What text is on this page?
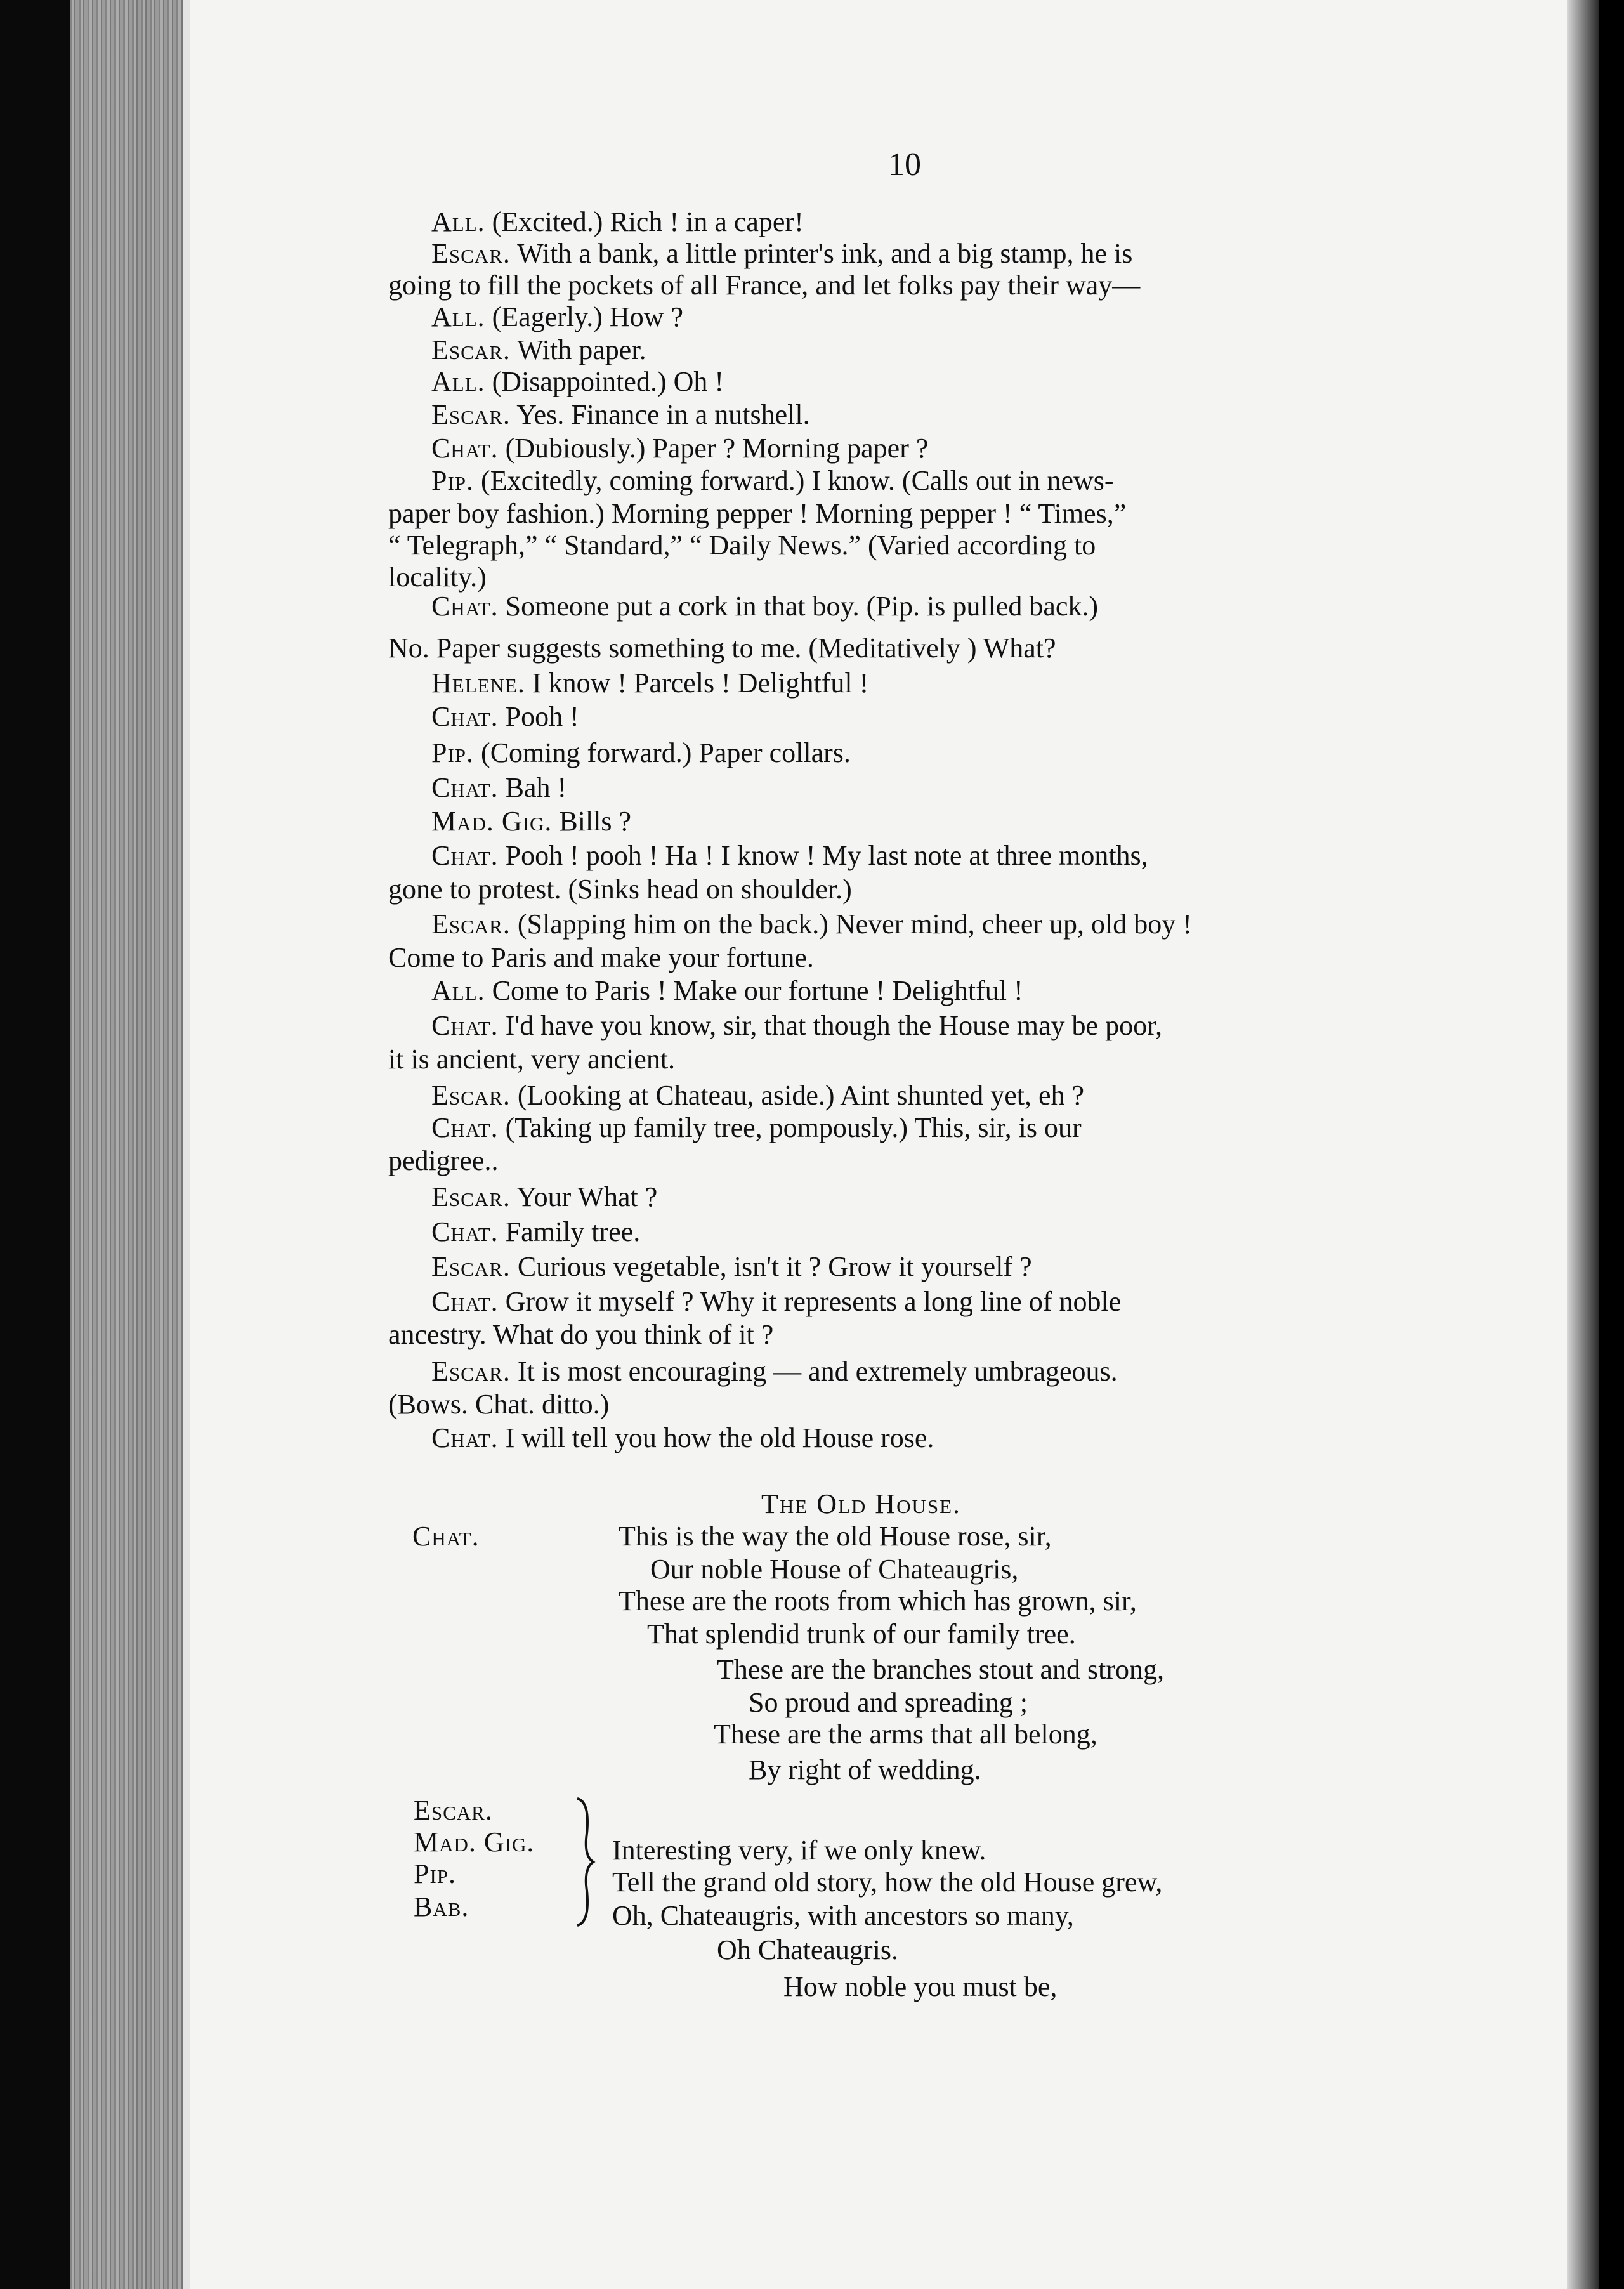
10
All. (Excited.) Rich ! in a caper!
Escar. With a bank, a little printer's ink, and a big stamp, he is
going to fill the pockets of all France, and let folks pay their way—
All. (Eagerly.) How ?
Escar. With paper.
All. (Disappointed.) Oh !
Escar. Yes. Finance in a nutshell.
Chat. (Dubiously.) Paper ? Morning paper ?
Pip. (Excitedly, coming forward.) I know. (Calls out in news-
paper boy fashion.) Morning pepper ! Morning pepper ! “ Times,”
“ Telegraph,” “ Standard,” “ Daily News.” (Varied according to
locality.)
Chat. Someone put a cork in that boy. (Pip. is pulled back.)
No. Paper suggests something to me. (Meditatively ) What?
Helene. I know ! Parcels ! Delightful !
Chat. Pooh !
Pip. (Coming forward.) Paper collars.
Chat. Bah !
Mad. Gig. Bills ?
Chat. Pooh ! pooh ! Ha ! I know ! My last note at three months,
gone to protest. (Sinks head on shoulder.)
Escar. (Slapping him on the back.) Never mind, cheer up, old boy !
Come to Paris and make your fortune.
All. Come to Paris ! Make our fortune ! Delightful !
Chat. I'd have you know, sir, that though the House may be poor,
it is ancient, very ancient.
Escar. (Looking at Chateau, aside.) Aint shunted yet, eh ?
Chat. (Taking up family tree, pompously.) This, sir, is our
pedigree..
Escar. Your What ?
Chat. Family tree.
Escar. Curious vegetable, isn't it ? Grow it yourself ?
Chat. Grow it myself ? Why it represents a long line of noble
ancestry. What do you think of it ?
Escar. It is most encouraging — and extremely umbrageous.
(Bows. Chat. ditto.)
Chat. I will tell you how the old House rose.
The Old House.
Chat.	This is the way the old House rose, sir,
Our noble House of Chateaugris,
These are the roots from which has grown, sir,
That splendid trunk of our family tree.
These are the branches stout and strong,
So proud and spreading ;
These are the arms that all belong,
By right of wedding.
Escar.
Mad. Gig.
Pip.
Bab.
Interesting very, if we only knew.
Tell the grand old story, how the old House grew,
Oh, Chateaugris, with ancestors so many,
Oh Chateaugris.
How noble you must be,
